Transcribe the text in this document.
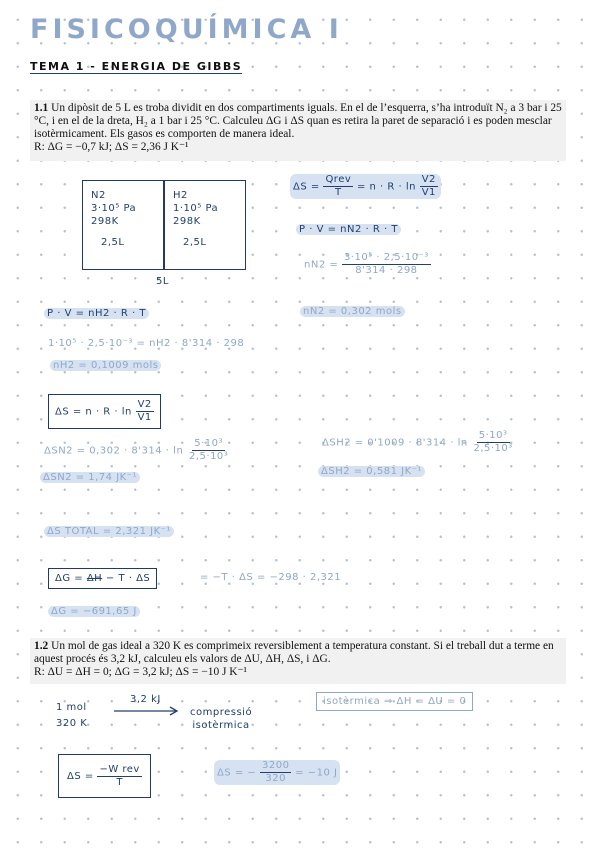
FISICOQUÍMICA I
TEMA 1 - ENERGIA DE GIBBS
1.1 Un dipòsit de 5 L es troba dividit en dos compartiments iguals. En el de l’esquerra, s’ha introduït N₂ a 3 bar i 25 °C, i en el de la dreta, H₂ a 1 bar i 25 °C. Calculeu ΔG i ΔS quan es retira la paret de separació i es poden mesclar isotèrmicament. Els gasos es comporten de manera ideal.
R: ΔG = −0,7 kJ; ΔS = 2,36 J K⁻¹
N2
3·10⁵ Pa
298K
2,5L
H2
1·10⁵ Pa
298K
2,5L
5L
$\Delta S = \frac{\text{Qrev}}{T} = n \cdot R \cdot \ln \frac{V2}{V1}$
P · V = nN2 · R · T
$nN2 = \frac{\text{3·10⁵ · 2,5·10⁻³}}{8'314 \cdot 298}$
nN2 = 0,302 mols
P · V = nH2 · R · T
1·10⁵ · 2,5·10⁻³ = nH2 · 8'314 · 298
nH2 = 0,1009 mols
$\Delta S = n \cdot R \cdot \ln \frac{V2}{V1}$
$\Delta SN2 = 0,302 \cdot 8'314 \cdot \ln \frac{\text{5·10³}}{\text{2,5·10³}}$
ΔSN2 = 1,74 JK⁻¹
$\Delta SH2 = 0'1009 \cdot 8'314 \cdot \ln \frac{\text{5·10³}}{\text{2,5·10³}}$
ΔSH2 = 0,581 JK⁻¹
ΔS TOTAL = 2,321 JK⁻¹
ΔG = ΔH − T · ΔS	= −T · ΔS = −298 · 2,321
ΔG = −691,65 J
1.2 Un mol de gas ideal a 320 K es comprimeix reversiblement a temperatura constant. Si el treball dut a terme en aquest procés és 3,2 kJ, calculeu els valors de ΔU, ΔH, ΔS, i ΔG.
R: ΔU = ΔH = 0; ΔG = 3,2 kJ; ΔS = −10 J K⁻¹
1 mol
320 K
3,2 kJ
compressió
isotèrmica
isotèrmica ⇒ ΔH = ΔU = 0
ΔS =
$\frac{\text{−W rev}}{T}$	ΔS = − $\frac{3200}{320} = -10$ J
